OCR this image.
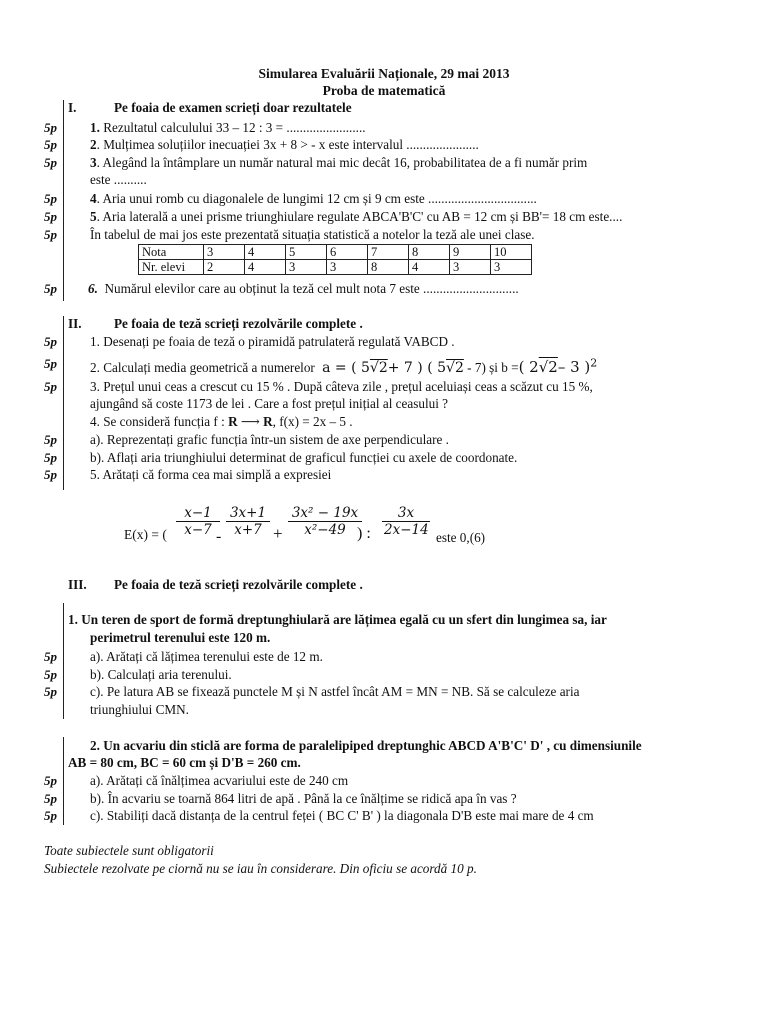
Simularea Evaluării Naționale, 29 mai 2013
Proba de matematică
I.	Pe foaia de examen scrieți doar rezultatele
5p	1. Rezultatul calculului 33 – 12 : 3 = ........................
5p	2. Mulțimea soluțiilor inecuației 3x + 8 > - x este intervalul ......................
5p	3. Alegând la întâmplare un număr natural mai mic decât 16, probabilitatea de a fi număr prim
este ..........
5p	4. Aria unui romb cu diagonalele de lungimi 12 cm și 9 cm este .................................
5p	5. Aria laterală a unei prisme triunghiulare regulate ABCA'B'C' cu AB = 12 cm și BB'= 18 cm este....
5p	În tabelul de mai jos este prezentată situația statistică a notelor la teză ale unei clase.
Nota	3	4	5	6	7	8	9	10
Nr. elevi	2	4	3	3	8	4	3	3
5p 6. Numărul elevilor care au obținut la teză cel mult nota 7 este .............................
II. Pe foaia de teză scrieți rezolvările complete .
5p	1. Desenați pe foaia de teză o piramidă patrulateră regulată VABCD .
5p	2. Calculați media geometrică a numerelor a = ( 5√2+ 7 ) ( 5√2 - 7) și b =( 2√2– 3 )$^2$
5p	3. Prețul unui ceas a crescut cu 15 % . După câteva zile , prețul aceluiași ceas a scăzut cu 15 %,
ajungând să coste 1173 de lei . Care a fost prețul inițial al ceasului ?
4. Se consideră funcția f : R ⟶ R, f(x) = 2x – 5 .
5p	a). Reprezentați grafic funcția într-un sistem de axe perpendiculare .
5p	b). Aflați aria triunghiului determinat de graficul funcției cu axele de coordonate.
5p	5. Arătați că forma cea mai simplă a expresiei
E(x) = ( $\frac{x-1}{x-7}$
- $\frac{3x+1}{x+7} + \frac{\text{3x² − 19x}}{\text{x²−49}}$
) : $\frac{3x}{2x-14}$ este 0,(6)
III. Pe foaia de teză scrieți rezolvările complete .
1. Un teren de sport de formă dreptunghiulară are lățimea egală cu un sfert din lungimea sa, iar
perimetrul terenului este 120 m.
5p	a). Arătați că lățimea terenului este de 12 m.
5p	b). Calculați aria terenului.
5p	c). Pe latura AB se fixează punctele M și N astfel încât AM = MN = NB. Să se calculeze aria
triunghiului CMN.
2. Un acvariu din sticlă are forma de paralelipiped dreptunghic ABCD A'B'C' D' , cu dimensiunile
AB = 80 cm, BC = 60 cm și D'B = 260 cm.
5p	a). Arătați că înălțimea acvariului este de 240 cm
5p	b). În acvariu se toarnă 864 litri de apă . Până la ce înălțime se ridică apa în vas ?
5p	c). Stabiliți dacă distanța de la centrul feței ( BC C' B' ) la diagonala D'B este mai mare de 4 cm
Toate subiectele sunt obligatorii
Subiectele rezolvate pe ciornă nu se iau în considerare. Din oficiu se acordă 10 p.
